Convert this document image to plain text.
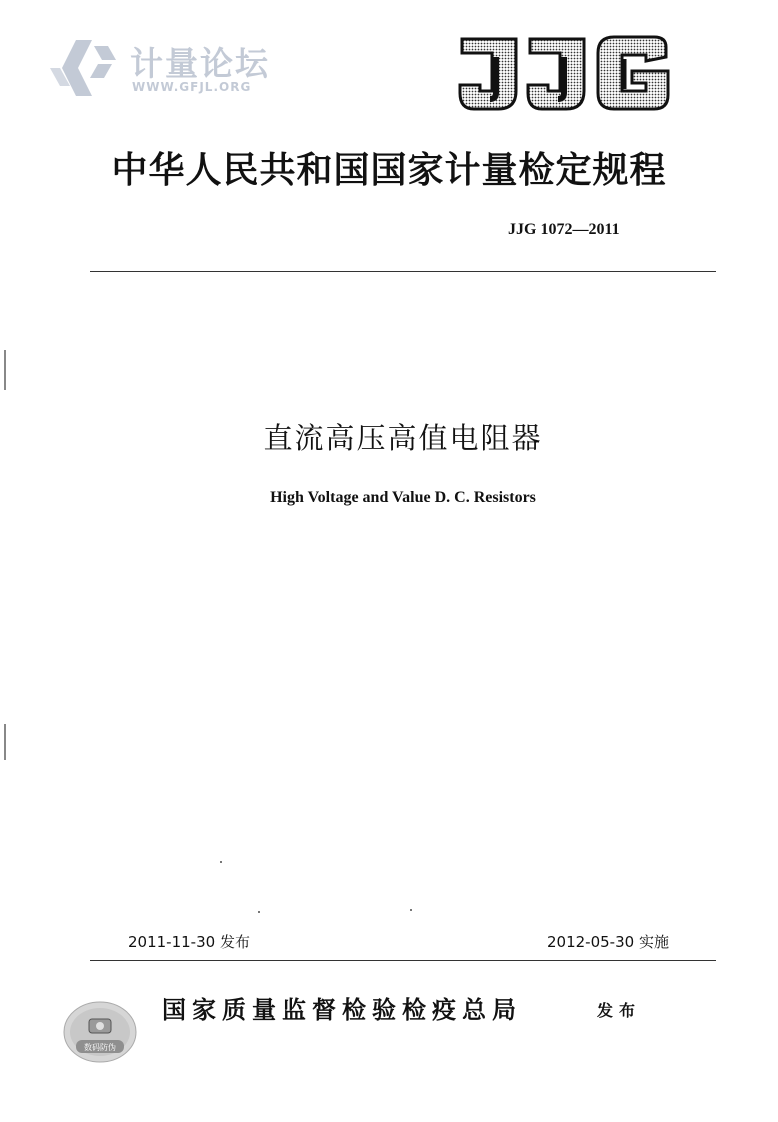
计量论坛
WWW.GFJL.ORG
中华人民共和国国家计量检定规程
JJG 1072—2011
直流高压高值电阻器
High Voltage and Value D. C. Resistors
2011-11-30 发布	2012-05-30 实施
数码防伪
国家质量监督检验检疫总局	发布
